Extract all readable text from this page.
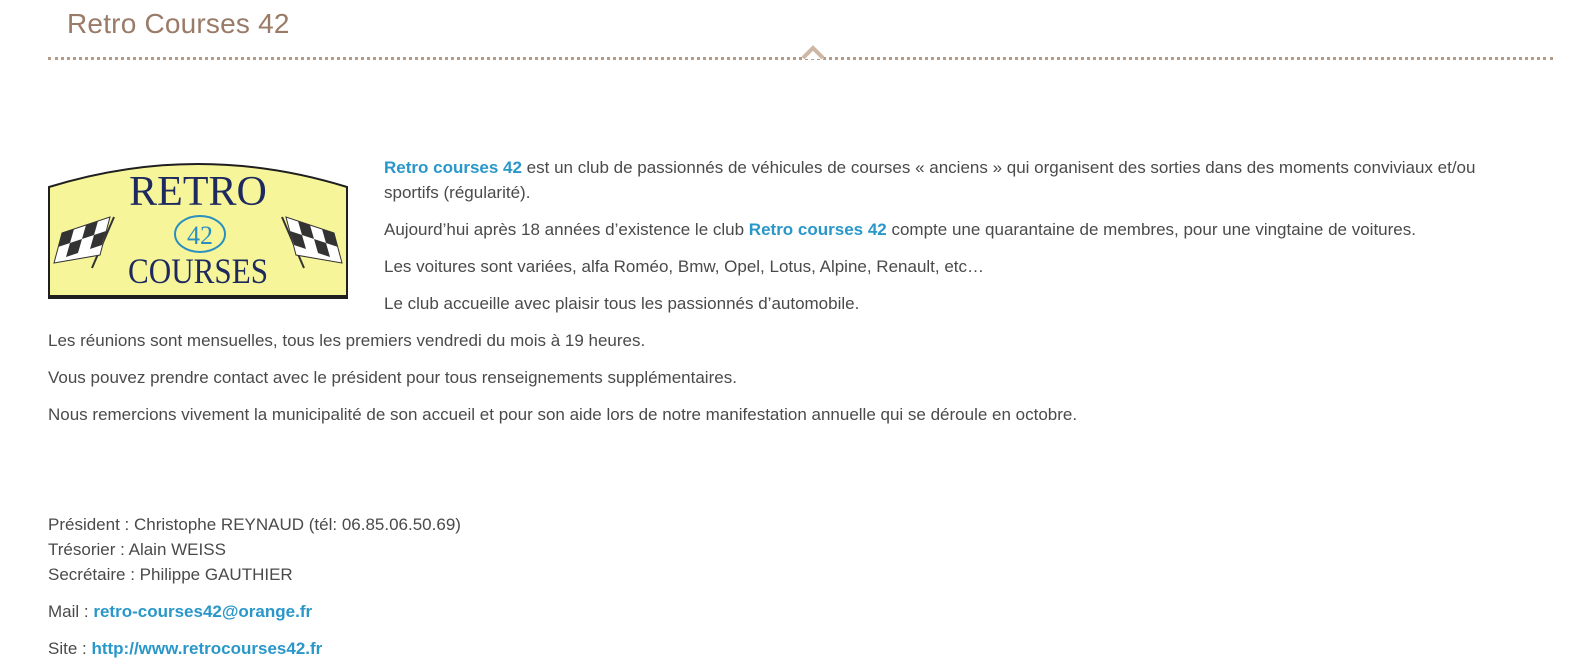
Retro Courses 42
RETRO
42
COURSES

Retro courses 42 est un club de passionnés de véhicules de courses « anciens » qui organisent des sorties dans des moments conviviaux et/ou sportifs (régularité).

Aujourd’hui après 18 années d’existence le club Retro courses 42 compte une quarantaine de membres, pour une vingtaine de voitures.

Les voitures sont variées, alfa Roméo, Bmw, Opel, Lotus, Alpine, Renault, etc…

Le club accueille avec plaisir tous les passionnés d’automobile.

Les réunions sont mensuelles, tous les premiers vendredi du mois à 19 heures.

Vous pouvez prendre contact avec le président pour tous renseignements supplémentaires.

Nous remercions vivement la municipalité de son accueil et pour son aide lors de notre manifestation annuelle qui se déroule en octobre.

Président : Christophe REYNAUD (tél: 06.85.06.50.69)

Trésorier : Alain WEISS

Secrétaire : Philippe GAUTHIER

Mail : retro-courses42@orange.fr

Site : http://www.retrocourses42.fr
